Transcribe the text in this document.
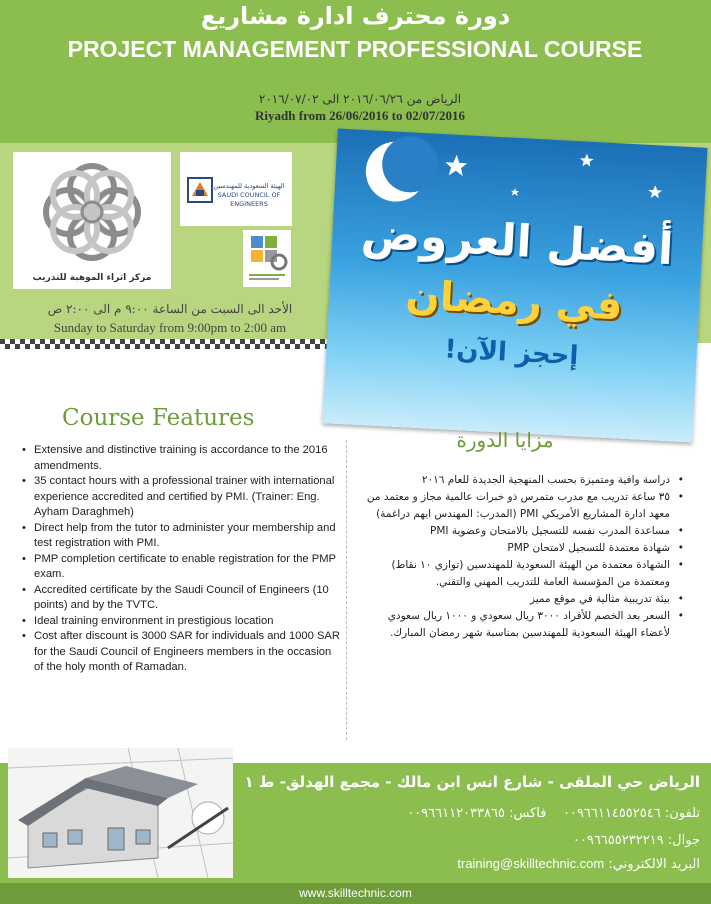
دورة محترف ادارة مشاريع
PROJECT MANAGEMENT PROFESSIONAL COURSE
الرياض من ٢٠١٦/٠٦/٢٦ الى ٢٠١٦/٠٧/٠٢
Riyadh from 26/06/2016 to 02/07/2016
مركز اثراء الموهبة للتدريب
الهيئة السعودية للمهندسين
SAUDI COUNCIL OF ENGINEERS
الأحد الى السبت من الساعة ٩:٠٠ م الى ٢:٠٠ ص
Sunday to Saturday from 9:00pm to 2:00 am
أفضل العروض
في رمضان
إحجز الآن!
Course Features
مزايا الدورة
• Extensive and distinctive training is accordance to the 2016 amendments.
• 35 contact hours with a professional trainer with international experience accredited and certified by PMI. (Trainer: Eng. Ayham Daraghmeh)
• Direct help from the tutor to administer your membership and test registration with PMI.
• PMP completion certificate to enable registration for the PMP exam.
• Accredited certificate by the Saudi Council of Engineers (10 points) and by the TVTC.
• Ideal training environment in prestigious location
• Cost after discount is 3000 SAR for individuals and 1000 SAR for the Saudi Council of Engineers members in the occasion of the holy month of Ramadan.
• دراسة وافية ومتميزة بحسب المنهجية الجديدة للعام ٢٠١٦
• ٣٥ ساعة تدريب مع مدرب متمرس ذو خبرات عالمية مجاز و معتمد من معهد ادارة المشاريع الأمريكي PMI (المدرب: المهندس ايهم دراغمة)
• مساعدة المدرب نفسه للتسجيل بالامتحان وعضوية PMI
• شهادة معتمدة للتسجيل لامتحان PMP
• الشهادة معتمدة من الهيئة السعودية للمهندسين (توازي ١٠ نقاط) ومعتمدة من المؤسسة العامة للتدريب المهني والتقني.
• بيئة تدريبية مثالية في موقع مميز
• السعر بعد الخصم للأفراد ٣٠٠٠ ريال سعودي و ١٠٠٠ ريال سعودي لأعضاء الهيئة السعودية للمهندسين بمناسبة شهر رمضان المبارك.
الرياض حي الملقى - شارع انس ابن مالك - مجمع الهدلق- ط ١
تلفون: ٠٠٩٦٦١١٤٥٥٢٥٤٦    فاكس: ٠٠٩٦٦١١٢٠٣٣٨٦٥
جوال: ٠٠٩٦٦٥٥٢٣٢٢١٩
البريد الالكتروني: training@skilltechnic.com
www.skilltechnic.com
